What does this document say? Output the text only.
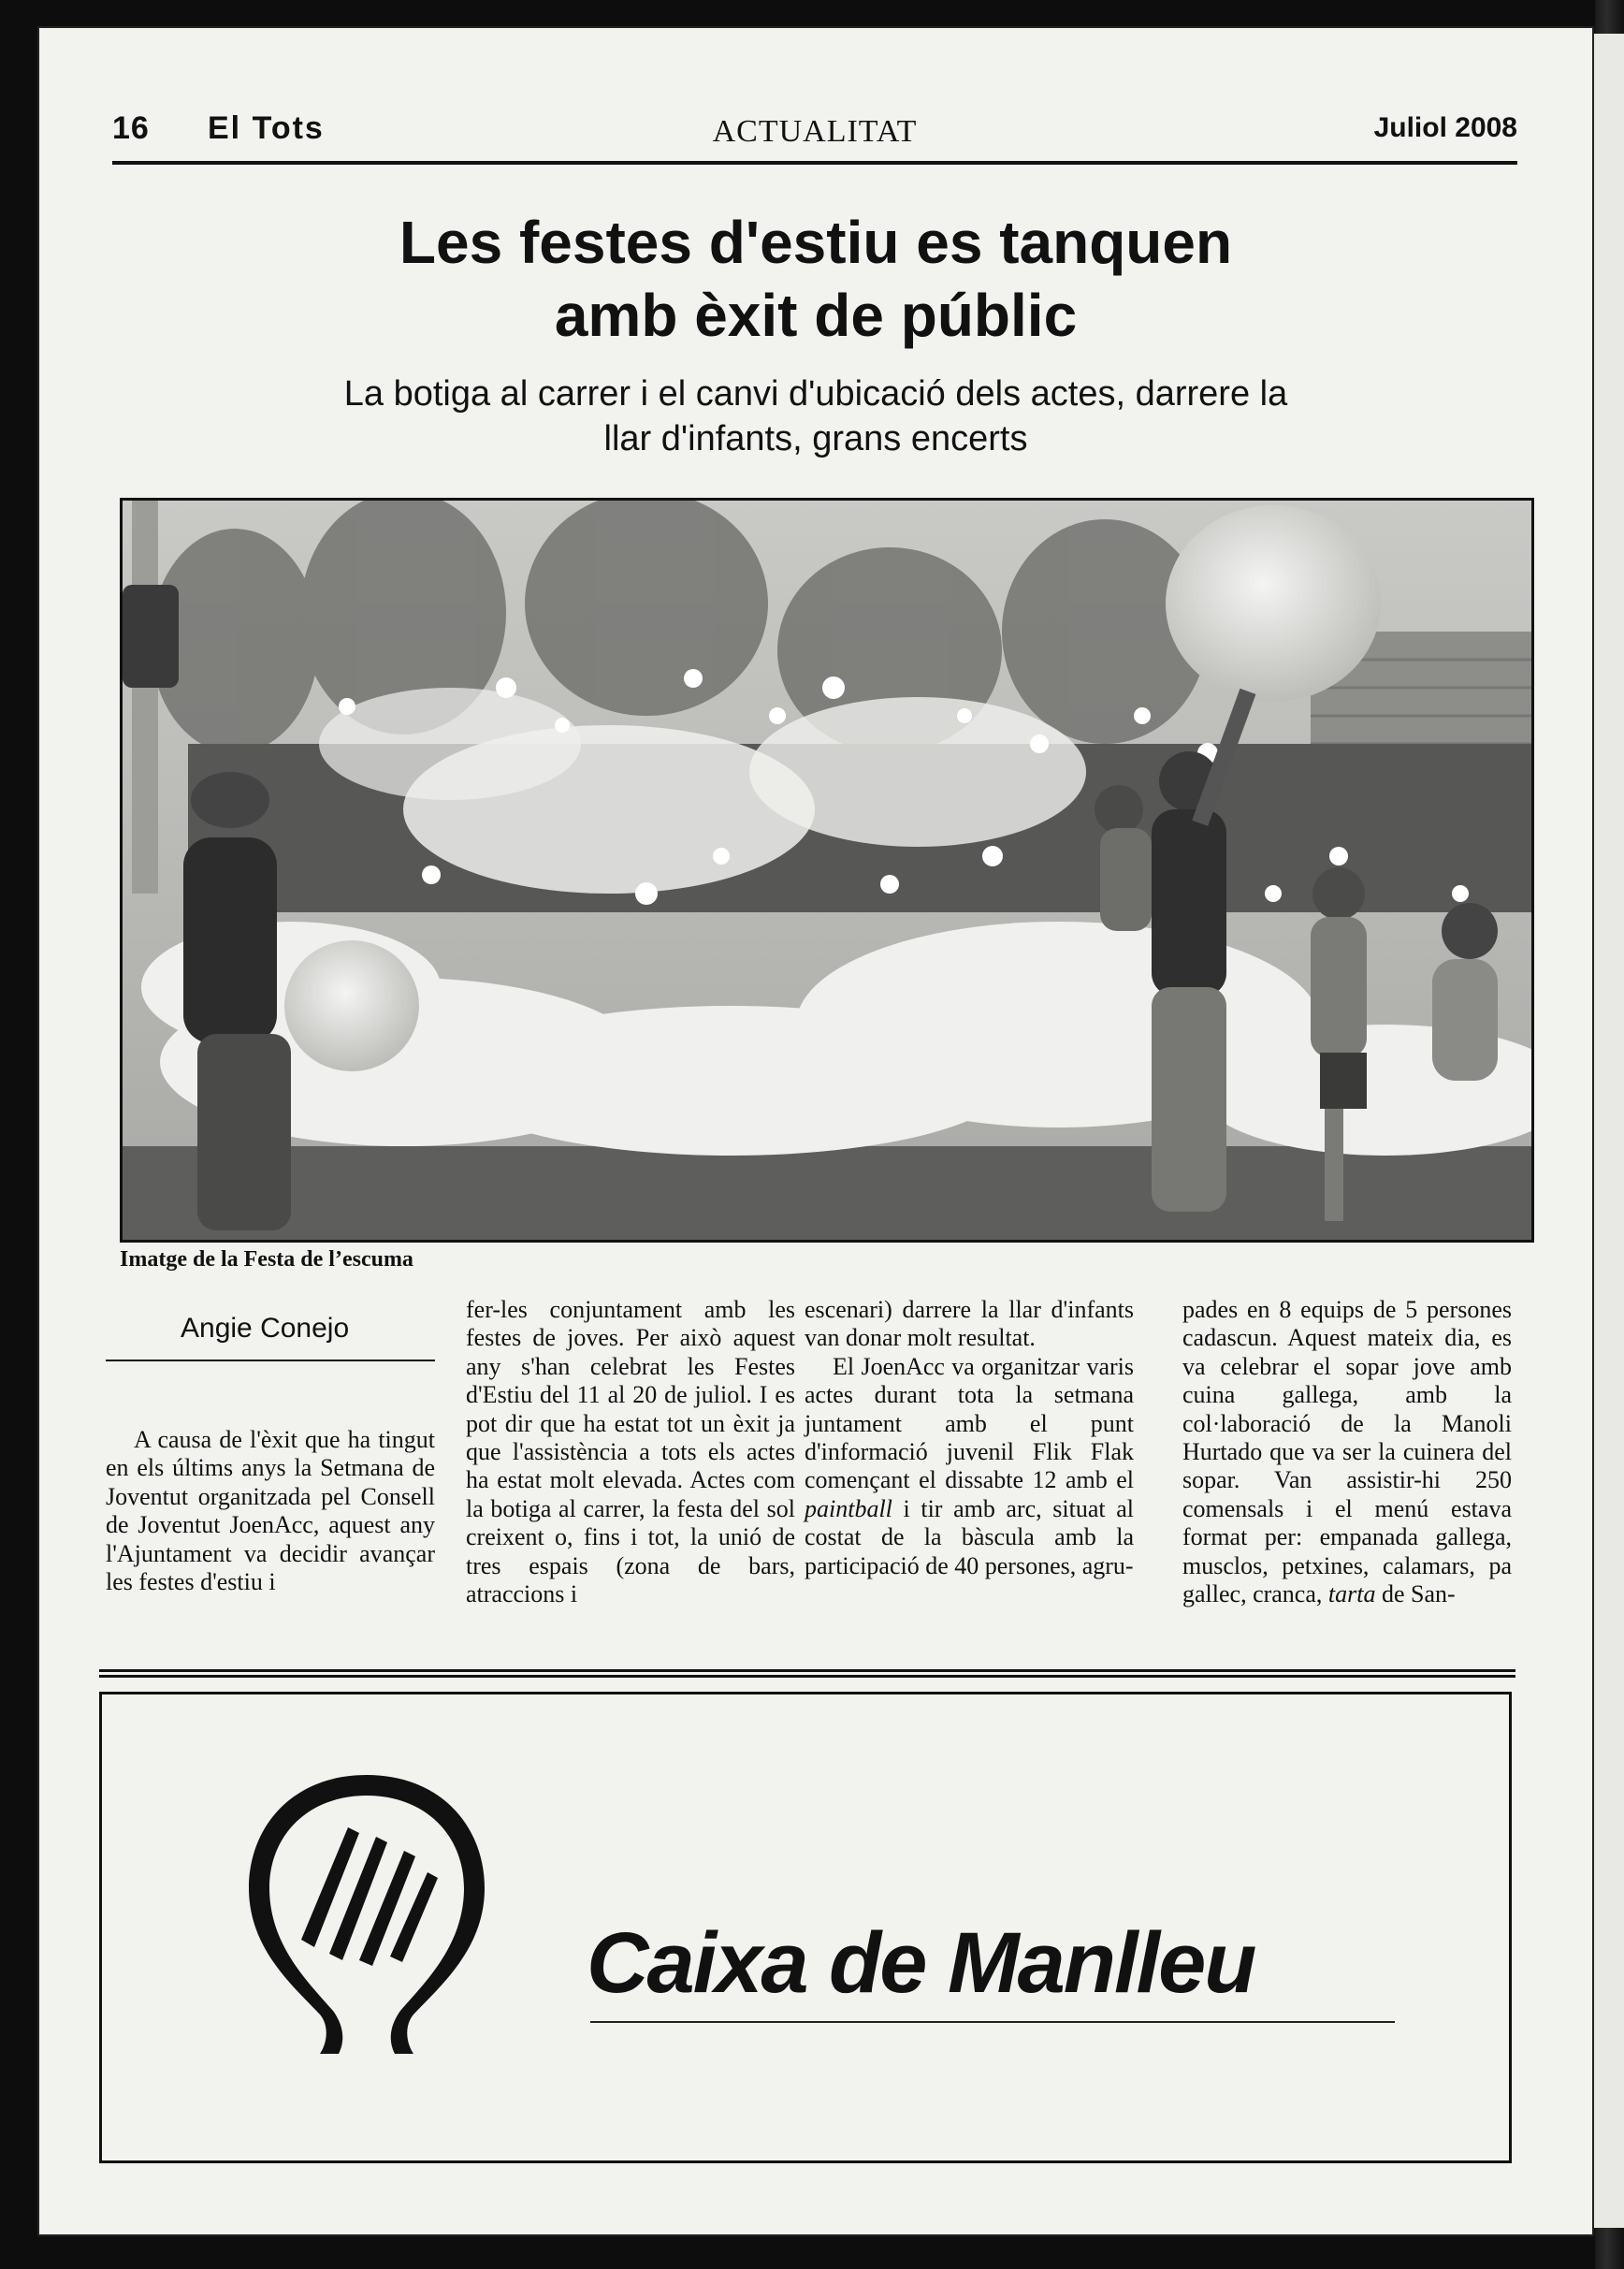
16 El Tots	ACTUALITAT	Juliol 2008
Les festes d'estiu es tanquen
amb èxit de públic
La botiga al carrer i el canvi d'ubicació dels actes, darrere la
llar d'infants, grans encerts
Imatge de la Festa de l’escuma
Angie Conejo

A causa de l'èxit que ha tingut en els últims anys la Setmana de Joventut organitzada pel Consell de Joventut JoenAcc, aquest any l'Ajuntament va decidir avançar les festes d'estiu i

fer-les conjuntament amb les festes de joves. Per això aquest any s'han celebrat les Festes d'Estiu del 11 al 20 de juliol. I es pot dir que ha estat tot un èxit ja que l'assistència a tots els actes ha estat molt elevada. Actes com la botiga al carrer, la festa del sol creixent o, fins i tot, la unió de tres espais (zona de bars, atraccions i

escenari) darrere la llar d'infants van donar molt resultat.

El JoenAcc va organitzar varis actes durant tota la setmana juntament amb el punt d'informació juvenil Flik Flak començant el dissabte 12 amb el paintball i tir amb arc, situat al costat de la bàscula amb la participació de 40 persones, agru-

pades en 8 equips de 5 persones cadascun. Aquest mateix dia, es va celebrar el sopar jove amb cuina gallega, amb la col·laboració de la Manoli Hurtado que va ser la cuinera del sopar. Van assistir-hi 250 comensals i el menú estava format per: empanada gallega, musclos, petxines, calamars, pa gallec, cranca, tarta de San-

Caixa de Manlleu
